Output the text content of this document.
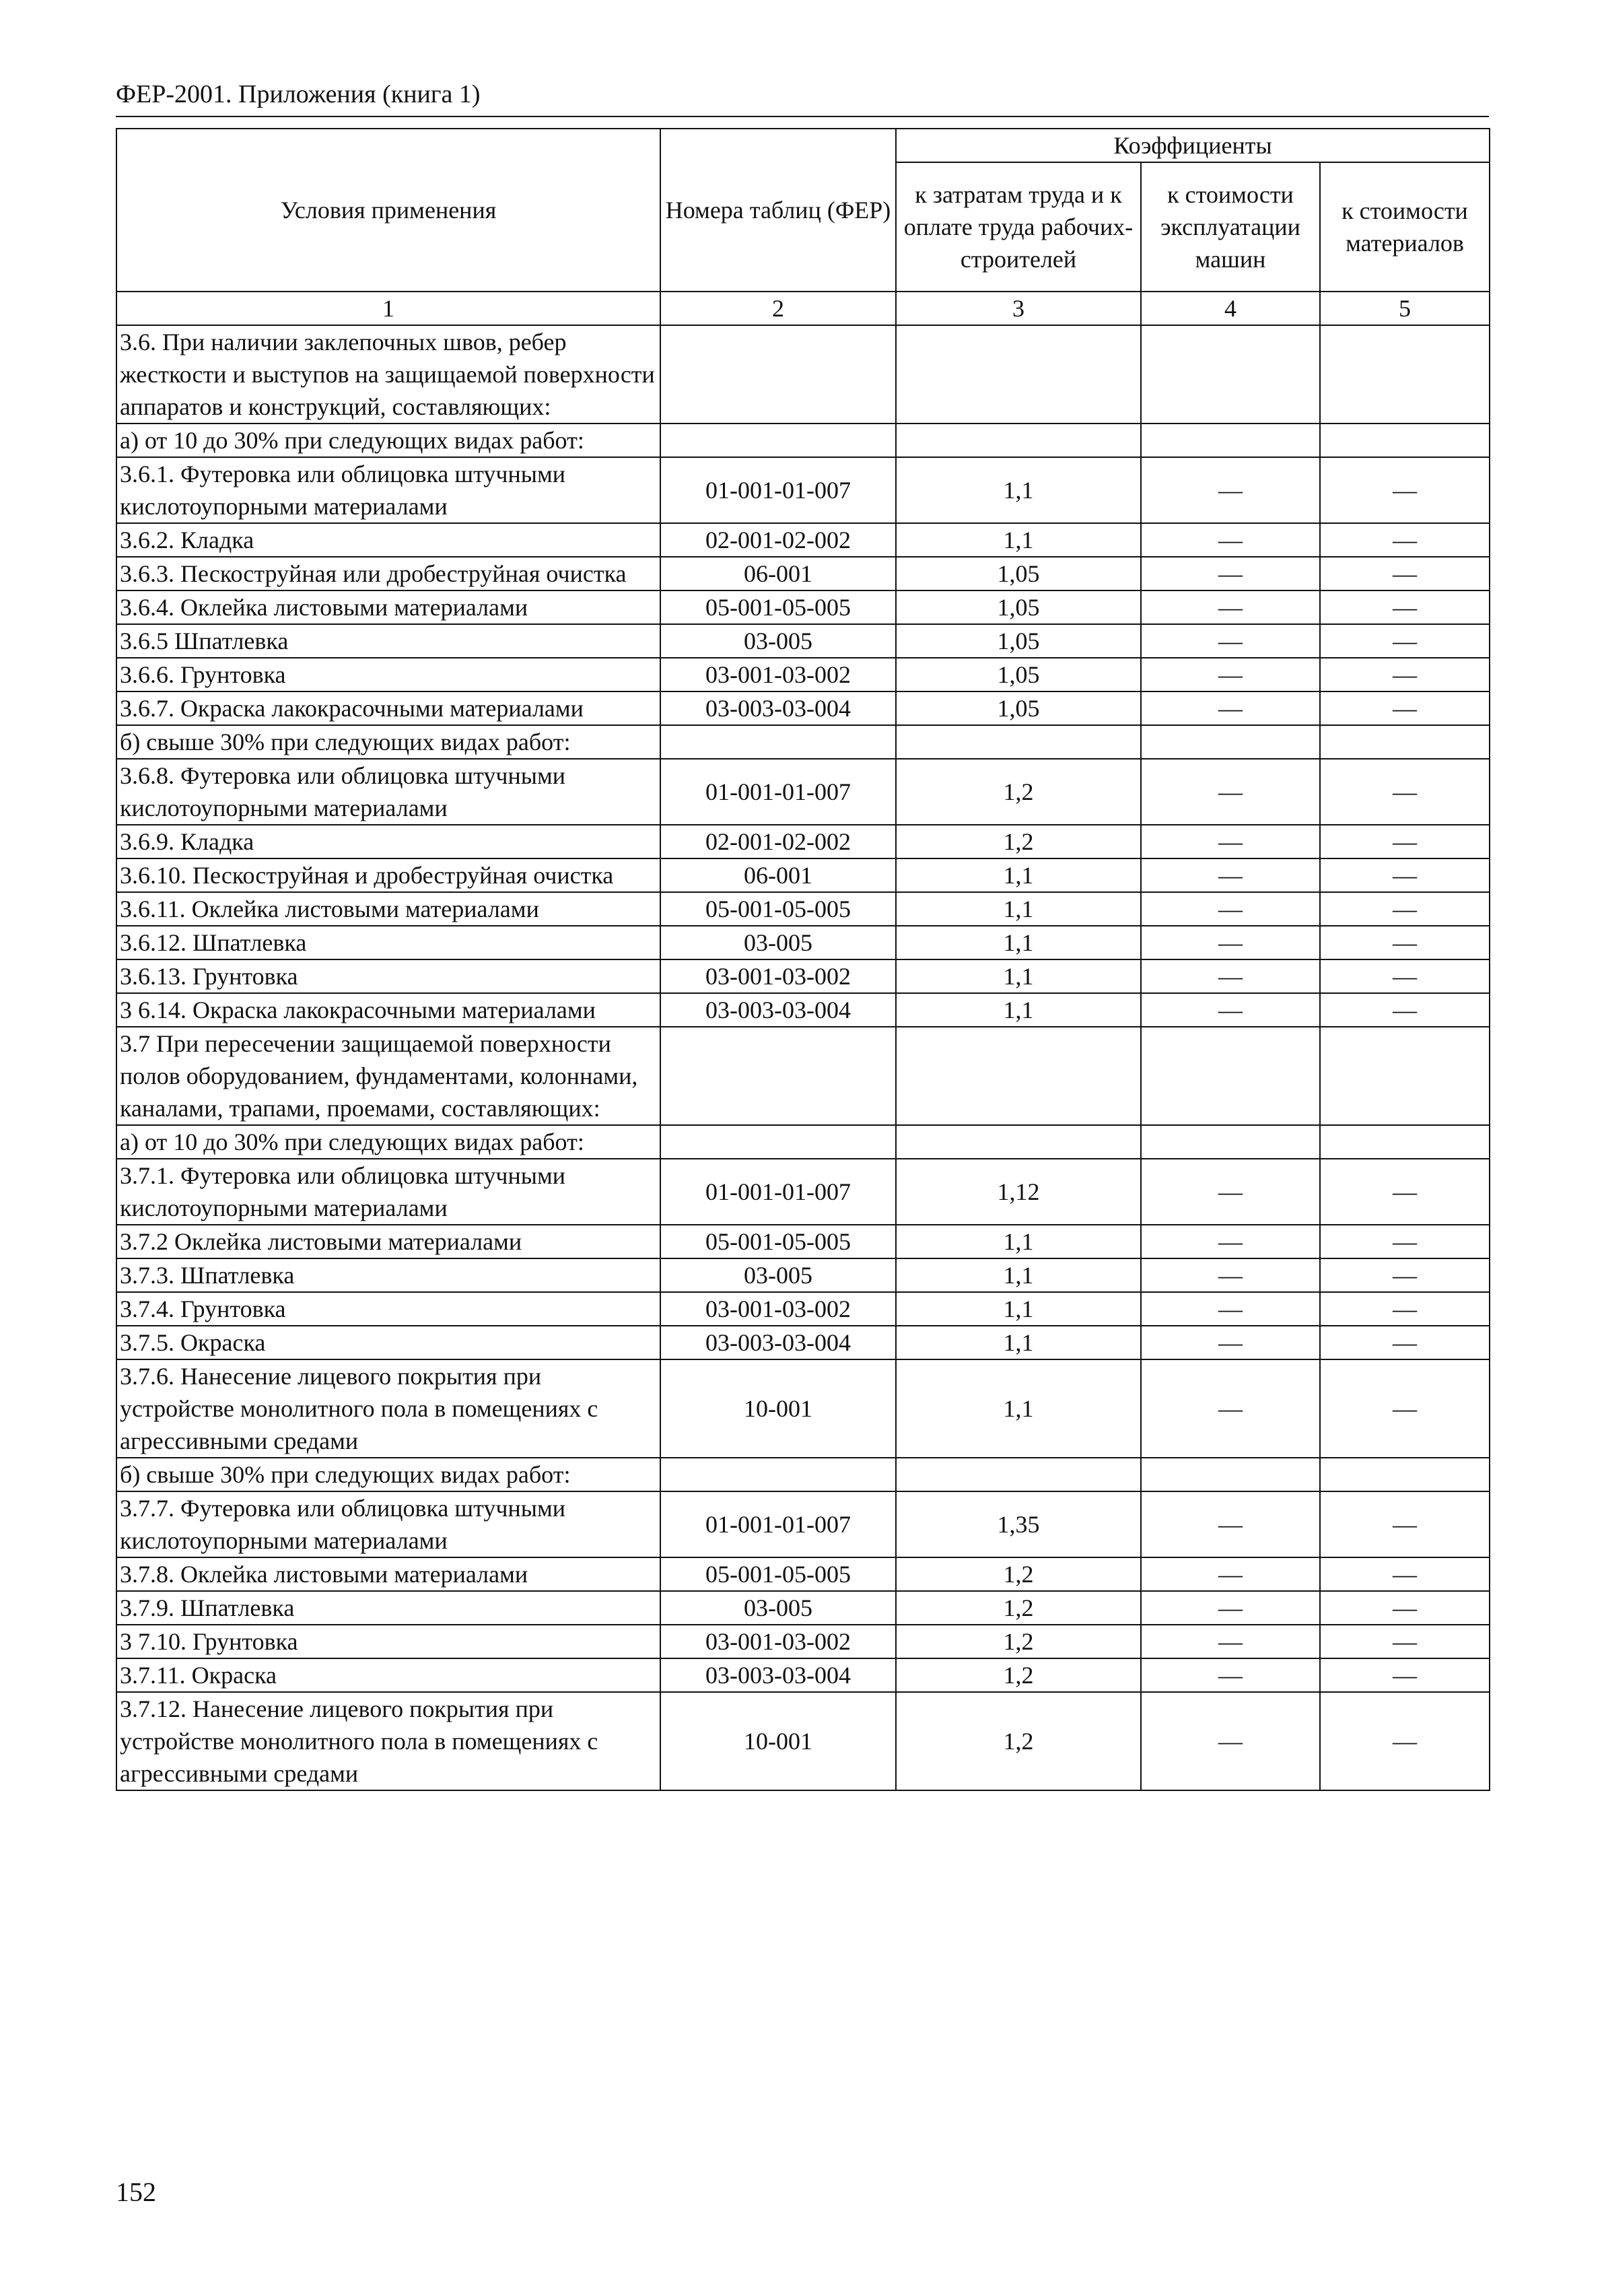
ФЕР-2001. Приложения (книга 1)
Условия применения	Номера таблиц (ФЕР)	Коэффициенты		
		к затратам труда и к оплате труда рабочих-строителей	к стоимости эксплуатации машин	к стоимости материалов
1	2	3	4	5
3.6. При наличии заклепочных швов, ребер жесткости и выступов на защищаемой поверхности аппаратов и конструкций, составляющих:				
а) от 10 до 30% при следующих видах работ:				
3.6.1. Футеровка или облицовка штучными кислотоупорными материалами	01-001-01-007	1,1	—	—
3.6.2. Кладка	02-001-02-002	1,1	—	—
3.6.3. Пескоструйная или дробеструйная очистка	06-001	1,05	—	—
3.6.4. Оклейка листовыми материалами	05-001-05-005	1,05	—	—
3.6.5 Шпатлевка	03-005	1,05	—	—
3.6.6. Грунтовка	03-001-03-002	1,05	—	—
3.6.7. Окраска лакокрасочными материалами	03-003-03-004	1,05	—	—
б) свыше 30% при следующих видах работ:				
3.6.8. Футеровка или облицовка штучными кислотоупорными материалами	01-001-01-007	1,2	—	—
3.6.9. Кладка	02-001-02-002	1,2	—	—
3.6.10. Пескоструйная и дробеструйная очистка	06-001	1,1	—	—
3.6.11. Оклейка листовыми материалами	05-001-05-005	1,1	—	—
3.6.12. Шпатлевка	03-005	1,1	—	—
3.6.13. Грунтовка	03-001-03-002	1,1	—	—
3 6.14. Окраска лакокрасочными материалами	03-003-03-004	1,1	—	—
3.7 При пересечении защищаемой поверхности полов оборудованием, фундаментами, колоннами, каналами, трапами, проемами, составляющих:				
а) от 10 до 30% при следующих видах работ:				
3.7.1. Футеровка или облицовка штучными кислотоупорными материалами	01-001-01-007	1,12	—	—
3.7.2 Оклейка листовыми материалами	05-001-05-005	1,1	—	—
3.7.3. Шпатлевка	03-005	1,1	—	—
3.7.4. Грунтовка	03-001-03-002	1,1	—	—
3.7.5. Окраска	03-003-03-004	1,1	—	—
3.7.6. Нанесение лицевого покрытия при устройстве монолитного пола в помещениях с агрессивными средами	10-001	1,1	—	—
б) свыше 30% при следующих видах работ:				
3.7.7. Футеровка или облицовка штучными кислотоупорными материалами	01-001-01-007	1,35	—	—
3.7.8. Оклейка листовыми материалами	05-001-05-005	1,2	—	—
3.7.9. Шпатлевка	03-005	1,2	—	—
3 7.10. Грунтовка	03-001-03-002	1,2	—	—
3.7.11. Окраска	03-003-03-004	1,2	—	—
3.7.12. Нанесение лицевого покрытия при устройстве монолитного пола в помещениях с агрессивными средами	10-001	1,2	—	—
152
